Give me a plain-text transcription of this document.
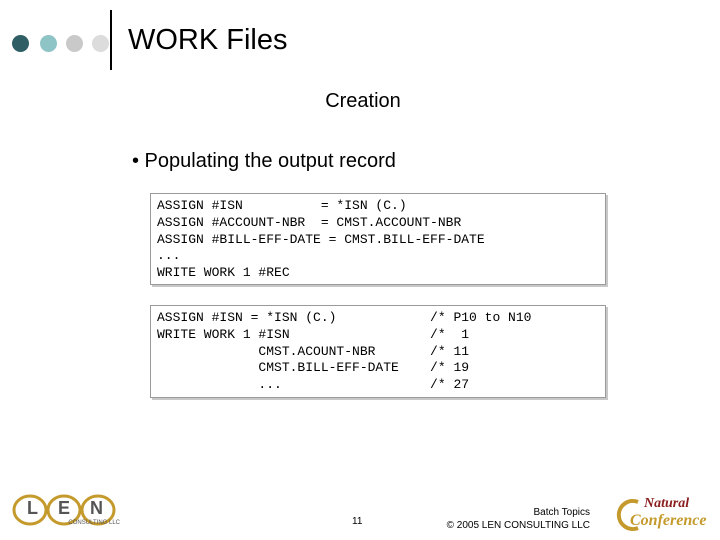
WORK Files
Creation
• Populating the output record
ASSIGN #ISN          = *ISN (C.)
ASSIGN #ACCOUNT-NBR  = CMST.ACCOUNT-NBR
ASSIGN #BILL-EFF-DATE = CMST.BILL-EFF-DATE
...
WRITE WORK 1 #REC
ASSIGN #ISN = *ISN (C.)            /* P10 to N10
WRITE WORK 1 #ISN                  /*  1
CMST.ACOUNT-NBR       /* 11
CMST.BILL-EFF-DATE    /* 19
...                   /* 27
LEN
CONSULTING LLC	11
Batch Topics
© 2005 LEN CONSULTING LLC
Natural
Conference
